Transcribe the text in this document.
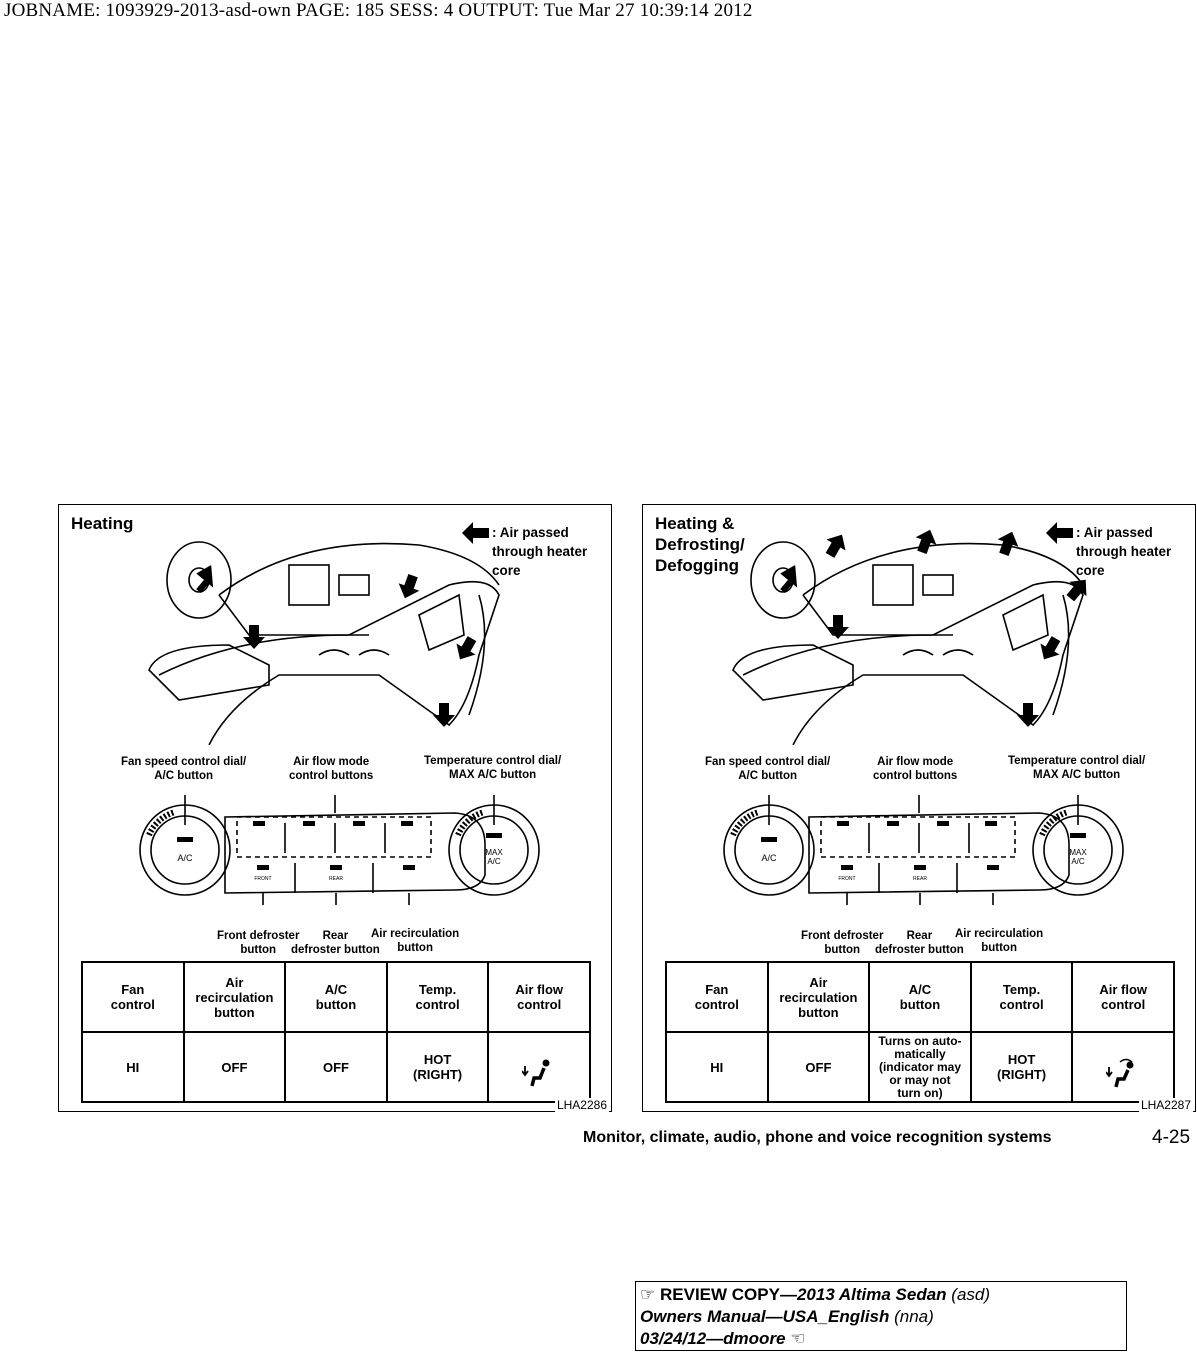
JOBNAME: 1093929-2013-asd-own PAGE: 185 SESS: 4 OUTPUT: Tue Mar 27 10:39:14 2012
Heating	: Air passed
through heater
core
Fan speed control dial/
A/C button
Air flow mode
control buttons
Temperature control dial/
MAX A/C button
A/C
MAX A/C
FRONT	REAR
Front defroster
button
Rear
defroster button
Air recirculation
button
Fan
control	Air
recirculation
button	A/C
button	Temp.
control	Air flow
control
HI	OFF	OFF	HOT
(RIGHT)	

LHA2286
Heating &
Defrosting/
Defogging
: Air passed
through heater
core
Fan speed control dial/
A/C button
Air flow mode
control buttons
Temperature control dial/
MAX A/C button
A/C
MAX A/C
FRONT	REAR
Front defroster
button
Rear
defroster button
Air recirculation
button
Fan
control	Air
recirculation
button	A/C
button	Temp.
control	Air flow
control
HI	OFF	Turns on auto-
matically
(indicator may
or may not
turn on)	HOT
(RIGHT)	

LHA2287
Monitor, climate, audio, phone and voice recognition systems	4-25
☞ REVIEW COPY—2013 Altima Sedan (asd)
Owners Manual—USA_English (nna)
03/24/12—dmoore ☜
